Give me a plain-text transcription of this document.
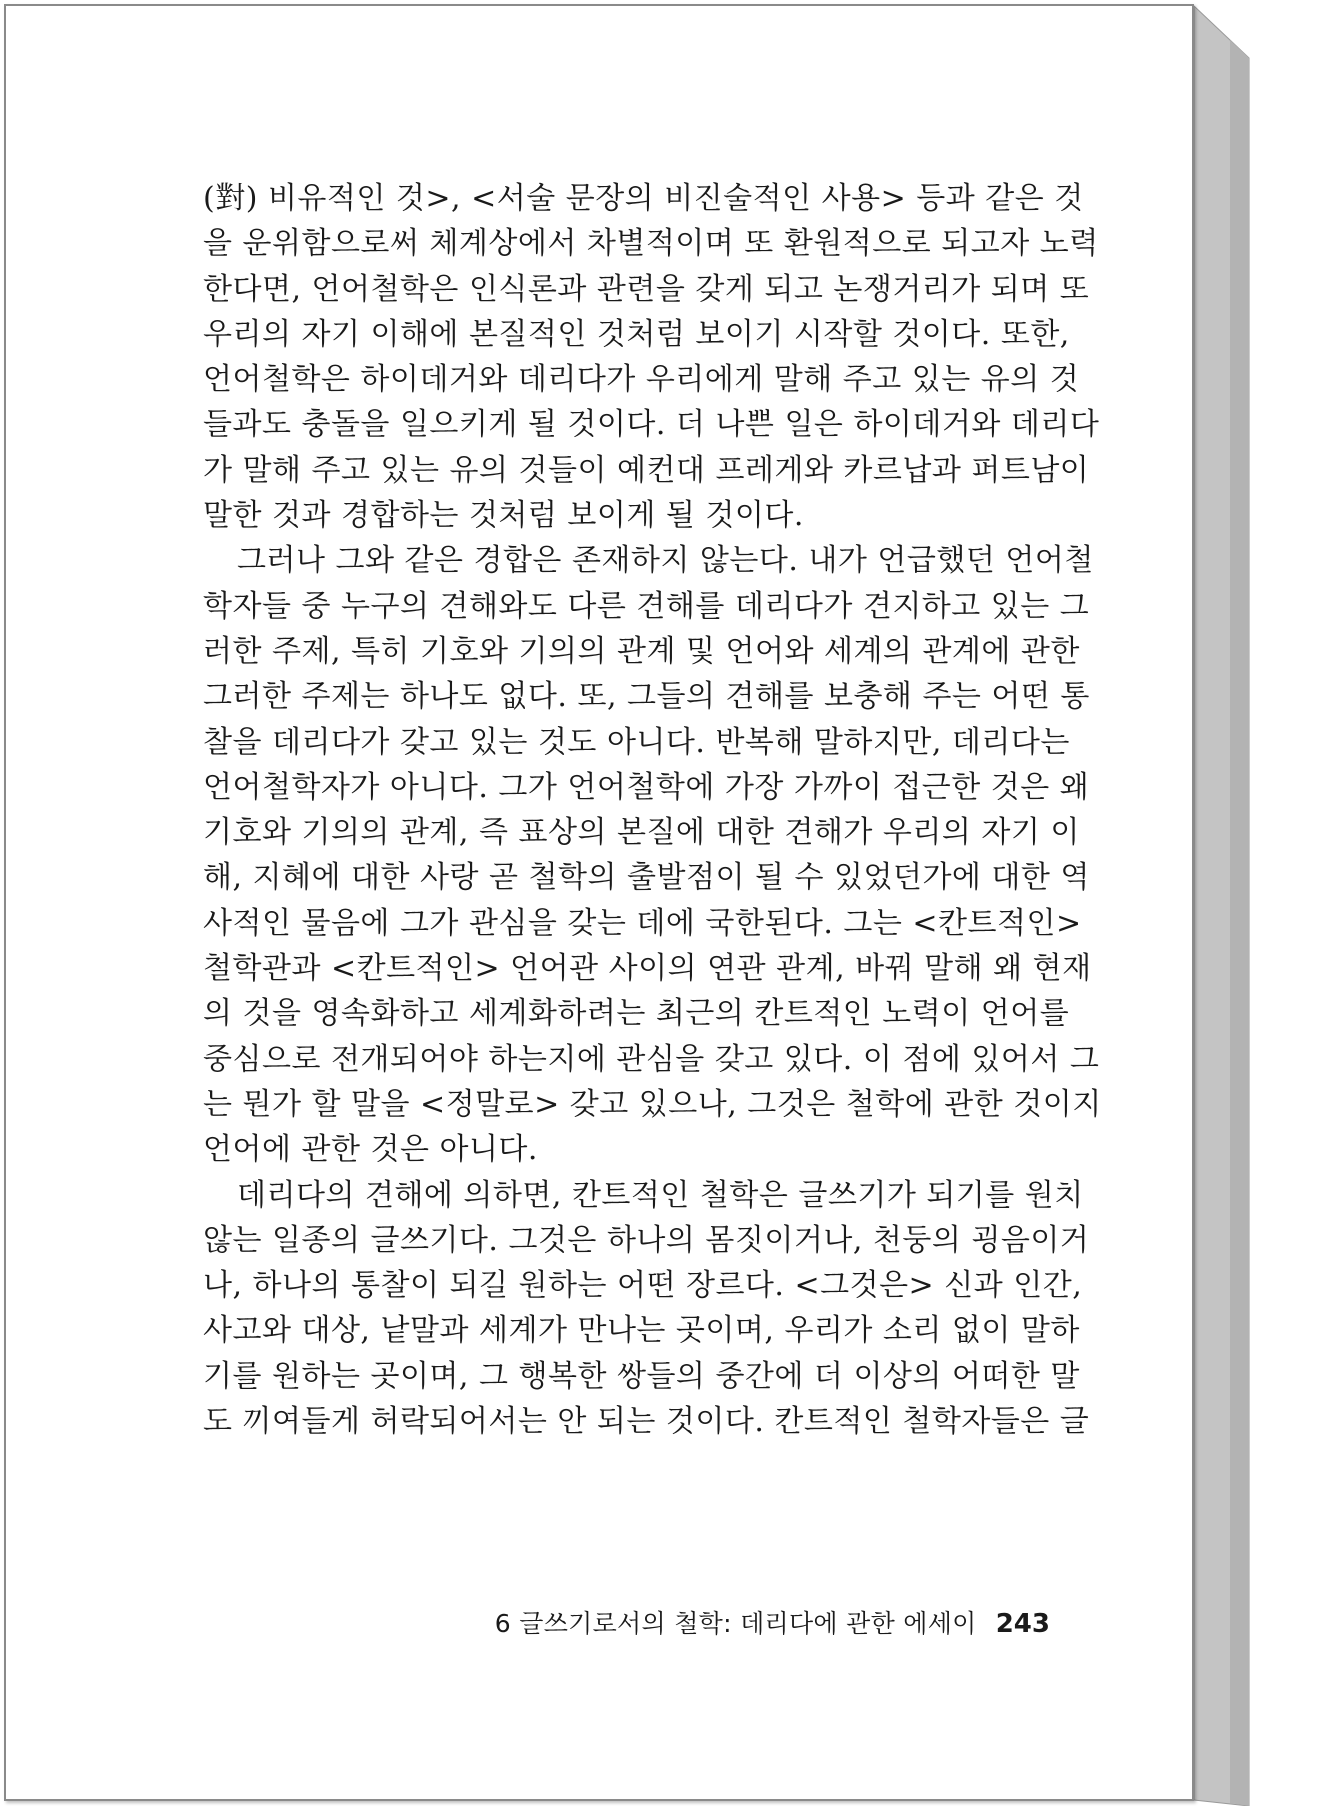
(對) 비유적인 것>, <서술 문장의 비진술적인 사용> 등과 같은 것
을 운위함으로써 체계상에서 차별적이며 또 환원적으로 되고자 노력
한다면, 언어철학은 인식론과 관련을 갖게 되고 논쟁거리가 되며 또
우리의 자기 이해에 본질적인 것처럼 보이기 시작할 것이다. 또한,
언어철학은 하이데거와 데리다가 우리에게 말해 주고 있는 유의 것
들과도 충돌을 일으키게 될 것이다. 더 나쁜 일은 하이데거와 데리다
가 말해 주고 있는 유의 것들이 예컨대 프레게와 카르납과 퍼트남이
말한 것과 경합하는 것처럼 보이게 될 것이다.
그러나 그와 같은 경합은 존재하지 않는다. 내가 언급했던 언어철
학자들 중 누구의 견해와도 다른 견해를 데리다가 견지하고 있는 그
러한 주제, 특히 기호와 기의의 관계 및 언어와 세계의 관계에 관한
그러한 주제는 하나도 없다. 또, 그들의 견해를 보충해 주는 어떤 통
찰을 데리다가 갖고 있는 것도 아니다. 반복해 말하지만, 데리다는
언어철학자가 아니다. 그가 언어철학에 가장 가까이 접근한 것은 왜
기호와 기의의 관계, 즉 표상의 본질에 대한 견해가 우리의 자기 이
해, 지혜에 대한 사랑 곧 철학의 출발점이 될 수 있었던가에 대한 역
사적인 물음에 그가 관심을 갖는 데에 국한된다. 그는 <칸트적인>
철학관과 <칸트적인> 언어관 사이의 연관 관계, 바꿔 말해 왜 현재
의 것을 영속화하고 세계화하려는 최근의 칸트적인 노력이 언어를
중심으로 전개되어야 하는지에 관심을 갖고 있다. 이 점에 있어서 그
는 뭔가 할 말을 <정말로> 갖고 있으나, 그것은 철학에 관한 것이지
언어에 관한 것은 아니다.
데리다의 견해에 의하면, 칸트적인 철학은 글쓰기가 되기를 원치
않는 일종의 글쓰기다. 그것은 하나의 몸짓이거나, 천둥의 굉음이거
나, 하나의 통찰이 되길 원하는 어떤 장르다. <그것은> 신과 인간,
사고와 대상, 낱말과 세계가 만나는 곳이며, 우리가 소리 없이 말하
기를 원하는 곳이며, 그 행복한 쌍들의 중간에 더 이상의 어떠한 말
도 끼여들게 허락되어서는 안 되는 것이다. 칸트적인 철학자들은 글
6 글쓰기로서의 철학: 데리다에 관한 에세이 243
